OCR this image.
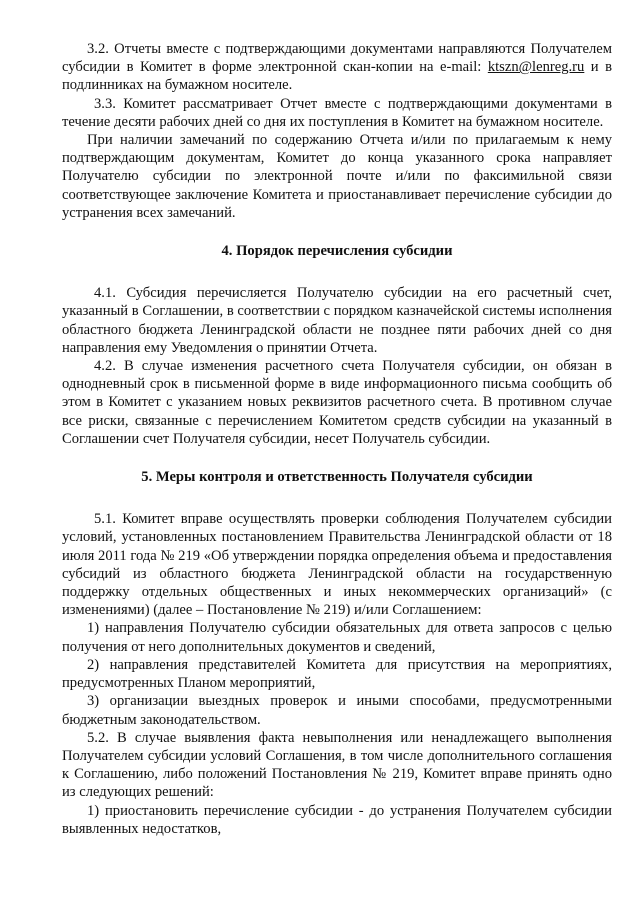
3.2. Отчеты вместе с подтверждающими документами направляются Получателем субсидии в Комитет в форме электронной скан-копии на e-mail: ktszn@lenreg.ru и в подлинниках на бумажном носителе.

3.3. Комитет рассматривает Отчет вместе с подтверждающими документами в течение десяти рабочих дней со дня их поступления в Комитет на бумажном носителе.

При наличии замечаний по содержанию Отчета и/или по прилагаемым к нему подтверждающим документам, Комитет до конца указанного срока направляет Получателю субсидии по электронной почте и/или по факсимильной связи соответствующее заключение Комитета и приостанавливает перечисление субсидии до устранения всех замечаний.

4. Порядок перечисления субсидии

4.1. Субсидия перечисляется Получателю субсидии на его расчетный счет, указанный в Соглашении, в соответствии с порядком казначейской системы исполнения областного бюджета Ленинградской области не позднее пяти рабочих дней со дня направления ему Уведомления о принятии Отчета.

4.2. В случае изменения расчетного счета Получателя субсидии, он обязан в однодневный срок в письменной форме в виде информационного письма сообщить об этом в Комитет с указанием новых реквизитов расчетного счета. В противном случае все риски, связанные с перечислением Комитетом средств субсидии на указанный в Соглашении счет Получателя субсидии, несет Получатель субсидии.

5. Меры контроля и ответственность Получателя субсидии

5.1. Комитет вправе осуществлять проверки соблюдения Получателем субсидии условий, установленных постановлением Правительства Ленинградской области от 18 июля 2011 года № 219 «Об утверждении порядка определения объема и предоставления субсидий из областного бюджета Ленинградской области на государственную поддержку отдельных общественных и иных некоммерческих организаций» (с изменениями) (далее – Постановление № 219) и/или Соглашением:

1) направления Получателю субсидии обязательных для ответа запросов с целью получения от него дополнительных документов и сведений,

2) направления представителей Комитета для присутствия на мероприятиях, предусмотренных Планом мероприятий,

3) организации выездных проверок и иными способами, предусмотренными бюджетным законодательством.

5.2. В случае выявления факта невыполнения или ненадлежащего выполнения Получателем субсидии условий Соглашения, в том числе дополнительного соглашения к Соглашению, либо положений Постановления № 219, Комитет вправе принять одно из следующих решений:

1) приостановить перечисление субсидии - до устранения Получателем субсидии выявленных недостатков,
